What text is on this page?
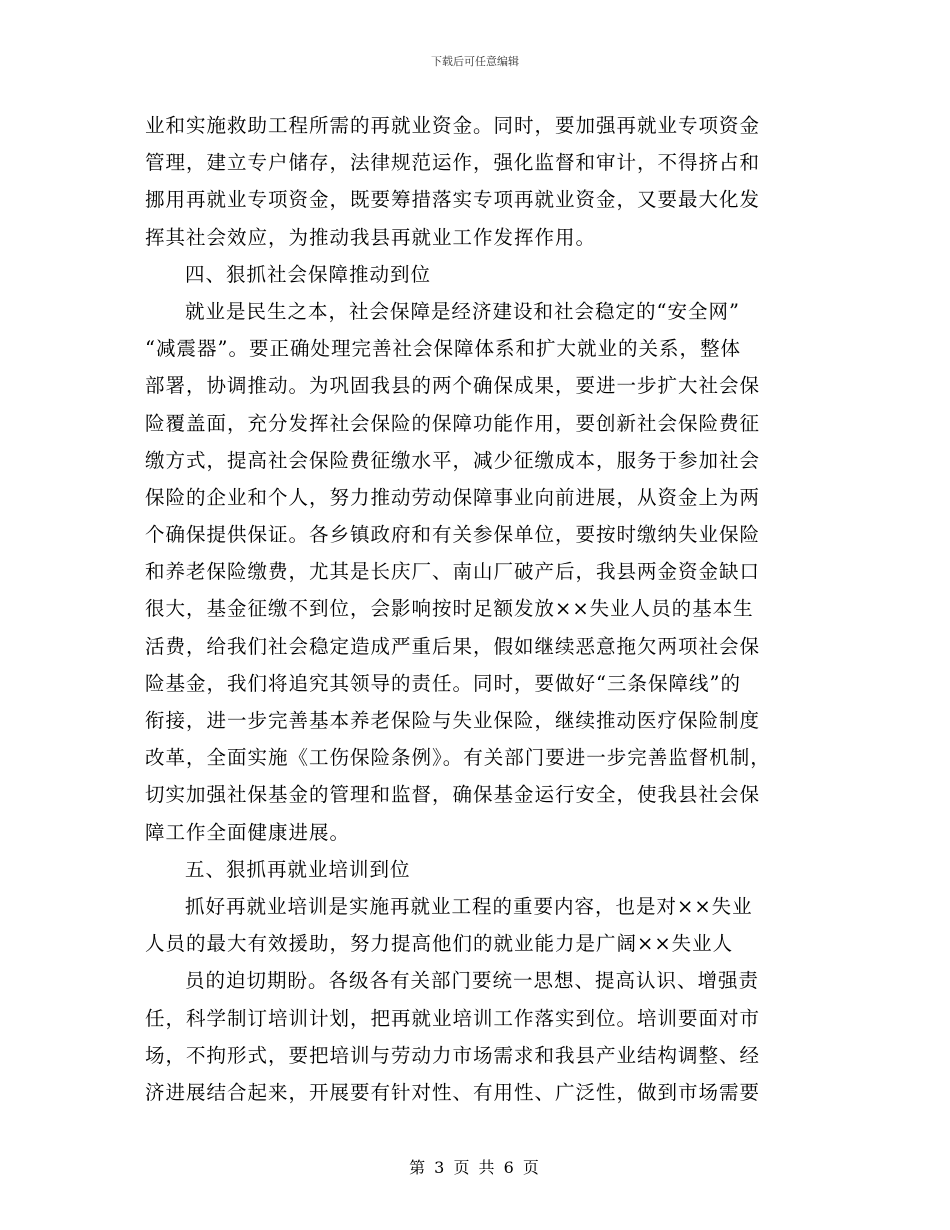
下载后可任意编辑
业和实施救助工程所需的再就业资金。同时，要加强再就业专项资金
管理，建立专户储存，法律规范运作，强化监督和审计，不得挤占和
挪用再就业专项资金，既要筹措落实专项再就业资金，又要最大化发
挥其社会效应，为推动我县再就业工作发挥作用。
四、狠抓社会保障推动到位
就业是民生之本，社会保障是经济建设和社会稳定的“安全网”
“减震器”。要正确处理完善社会保障体系和扩大就业的关系，整体
部署，协调推动。为巩固我县的两个确保成果，要进一步扩大社会保
险覆盖面，充分发挥社会保险的保障功能作用，要创新社会保险费征
缴方式，提高社会保险费征缴水平，减少征缴成本，服务于参加社会
保险的企业和个人，努力推动劳动保障事业向前进展，从资金上为两
个确保提供保证。各乡镇政府和有关参保单位，要按时缴纳失业保险
和养老保险缴费，尤其是长庆厂、南山厂破产后，我县两金资金缺口
很大，基金征缴不到位，会影响按时足额发放××失业人员的基本生
活费，给我们社会稳定造成严重后果，假如继续恶意拖欠两项社会保
险基金，我们将追究其领导的责任。同时，要做好“三条保障线”的
衔接，进一步完善基本养老保险与失业保险，继续推动医疗保险制度
改革，全面实施《工伤保险条例》。有关部门要进一步完善监督机制，
切实加强社保基金的管理和监督，确保基金运行安全，使我县社会保
障工作全面健康进展。
五、狠抓再就业培训到位
抓好再就业培训是实施再就业工程的重要内容，也是对××失业
人员的最大有效援助，努力提高他们的就业能力是广阔××失业人
员的迫切期盼。各级各有关部门要统一思想、提高认识、增强责
任，科学制订培训计划，把再就业培训工作落实到位。培训要面对市
场，不拘形式，要把培训与劳动力市场需求和我县产业结构调整、经
济进展结合起来，开展要有针对性、有用性、广泛性，做到市场需要
第 3 页 共 6 页
